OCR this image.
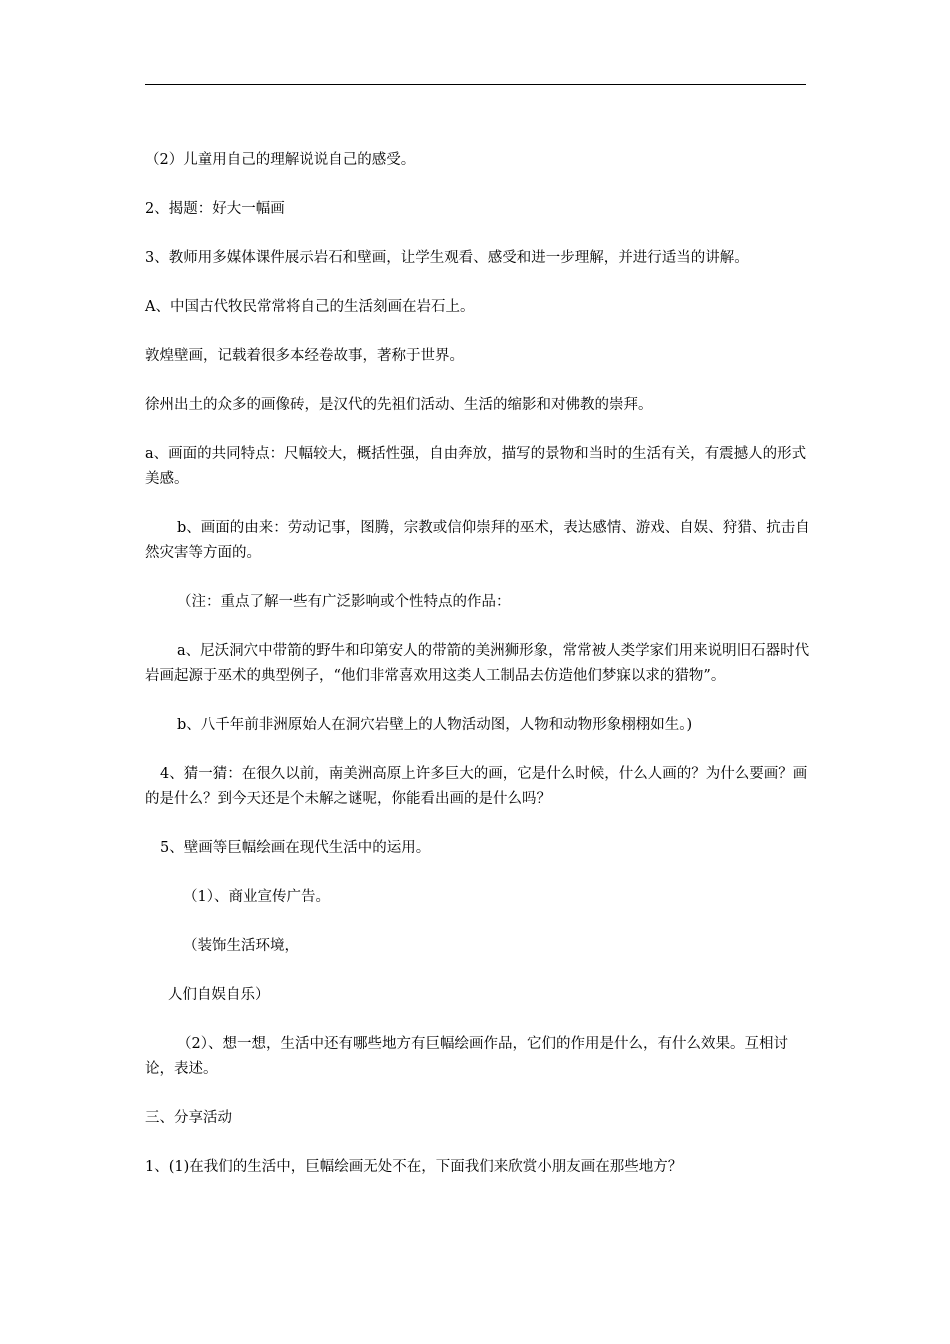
（2）儿童用自己的理解说说自己的感受。

2、揭题：好大一幅画

3、教师用多媒体课件展示岩石和壁画，让学生观看、感受和进一步理解，并进行适当的讲解。

A、中国古代牧民常常将自己的生活刻画在岩石上。

敦煌壁画，记载着很多本经卷故事，著称于世界。

徐州出土的众多的画像砖，是汉代的先祖们活动、生活的缩影和对佛教的崇拜。

a、画面的共同特点：尺幅较大，概括性强，自由奔放，描写的景物和当时的生活有关，有震撼人的形式美感。

b、画面的由来：劳动记事，图腾，宗教或信仰崇拜的巫术，表达感情、游戏、自娱、狩猎、抗击自然灾害等方面的。

（注：重点了解一些有广泛影响或个性特点的作品：

a、尼沃洞穴中带箭的野牛和印第安人的带箭的美洲狮形象，常常被人类学家们用来说明旧石器时代岩画起源于巫术的典型例子，“他们非常喜欢用这类人工制品去仿造他们梦寐以求的猎物”。

b、八千年前非洲原始人在洞穴岩壁上的人物活动图，人物和动物形象栩栩如生。)

4、猜一猜：在很久以前，南美洲高原上许多巨大的画，它是什么时候，什么人画的？为什么要画？画的是什么？到今天还是个未解之谜呢，你能看出画的是什么吗？

5、壁画等巨幅绘画在现代生活中的运用。

（1）、商业宣传广告。

（装饰生活环境，

人们自娱自乐）

（2）、想一想，生活中还有哪些地方有巨幅绘画作品，它们的作用是什么，有什么效果。互相讨论，表述。

三、分享活动

1、(1)在我们的生活中，巨幅绘画无处不在，下面我们来欣赏小朋友画在那些地方？
